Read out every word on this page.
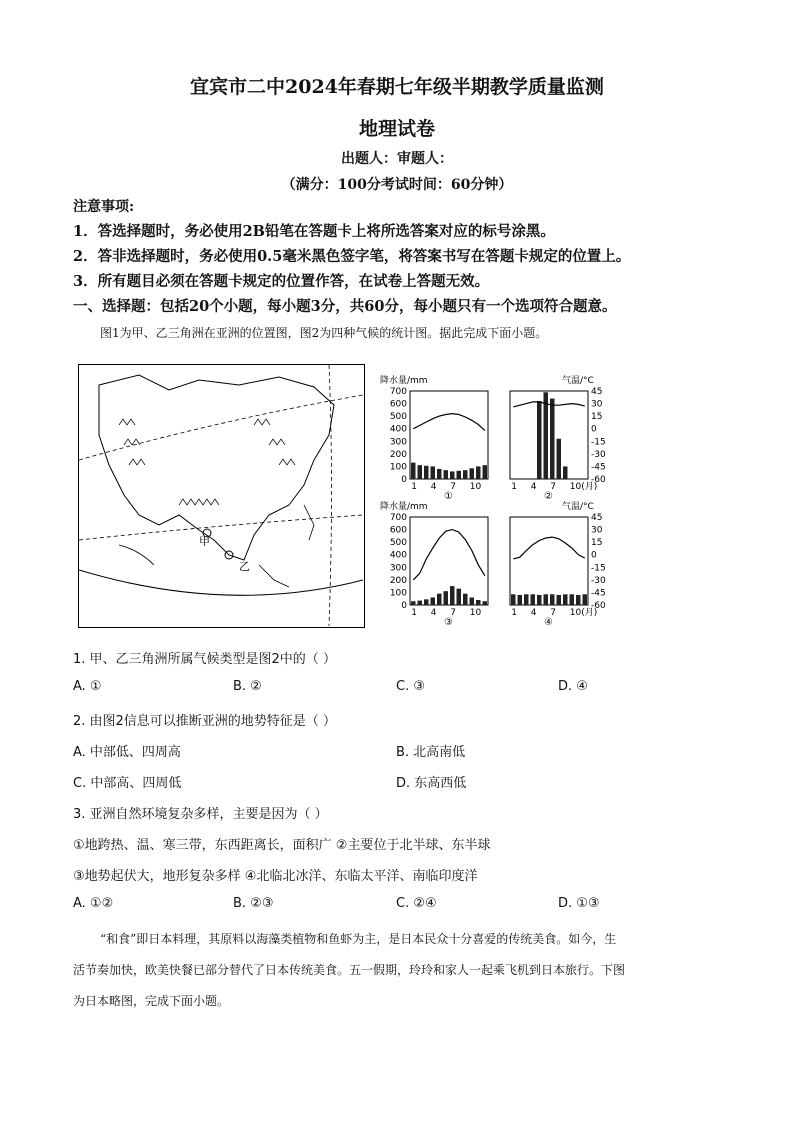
宜宾市二中2024年春期七年级半期教学质量监测
地理试卷
出题人：审题人：
（满分：100分考试时间：60分钟）
注意事项:
1．答选择题时，务必使用2B铅笔在答题卡上将所选答案对应的标号涂黑。
2．答非选择题时，务必使用0.5毫米黑色签字笔，将答案书写在答题卡规定的位置上。
3．所有题目必须在答题卡规定的位置作答，在试卷上答题无效。
一、选择题：包括20个小题，每小题3分，共60分，每小题只有一个选项符合题意。
图1为甲、乙三角洲在亚洲的位置图，图2为四种气候的统计图。据此完成下面小题。
甲
乙
降水量/mm
700
600
500
400
300
200
100
0
1 4 7 10
①
气温/°C
45
30
15
0
-15
-30
-45
-60
1 4 7 10(月)
②
降水量/mm
700
600
500
400
300
200
100
0
1 4 7 10
③
气温/°C
45
30
15
0
-15
-30
-45
-60
1 4 7 10(月)
④
1. 甲、乙三角洲所属气候类型是图2中的（ ）
A. ①	B. ②	C. ③	D. ④
2. 由图2信息可以推断亚洲的地势特征是（ ）
A. 中部低、四周高	B. 北高南低
C. 中部高、四周低	D. 东高西低
3. 亚洲自然环境复杂多样，主要是因为（ ）
①地跨热、温、寒三带，东西距离长，面积广 ②主要位于北半球、东半球
③地势起伏大，地形复杂多样 ④北临北冰洋、东临太平洋、南临印度洋
A. ①②	B. ②③	C. ②④	D. ①③
“和食”即日本料理，其原料以海藻类植物和鱼虾为主，是日本民众十分喜爱的传统美食。如今，生
活节奏加快，欧美快餐已部分替代了日本传统美食。五一假期，玲玲和家人一起乘飞机到日本旅行。下图
为日本略图，完成下面小题。
